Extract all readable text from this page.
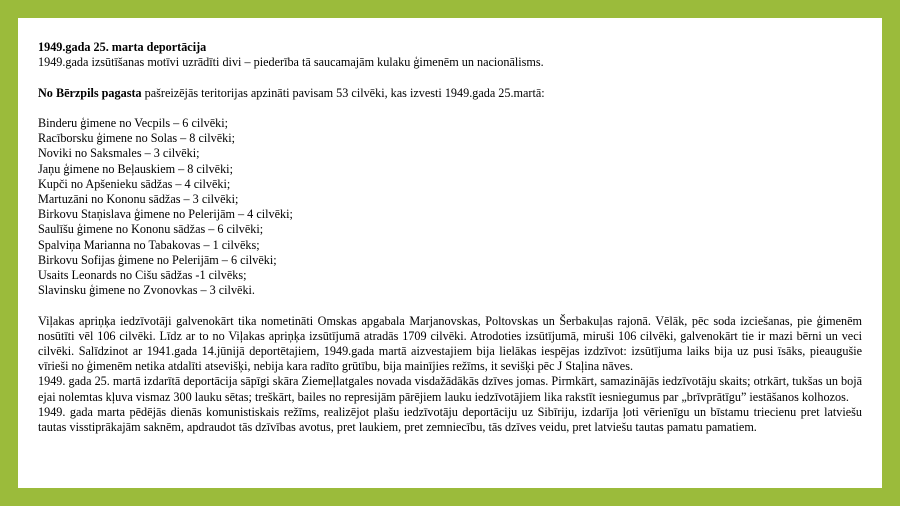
1949.gada 25. marta deportācija
1949.gada izsūtīšanas motīvi uzrādīti divi – piederība tā saucamajām kulaku ģimenēm un nacionālisms.
No Bērzpils pagasta pašreizējās teritorijas apzināti pavisam 53 cilvēki, kas izvesti 1949.gada 25.martā:
Binderu ģimene no Vecpils – 6 cilvēki;
Racīborsku ģimene no Solas – 8 cilvēki;
Noviki no Saksmales – 3 cilvēki;
Jaņu ģimene no Beļauskiem – 8 cilvēki;
Kupči no Apšenieku sādžas – 4 cilvēki;
Martuzāni no Kononu sādžas – 3 cilvēki;
Birkovu Staņislava ģimene no Pelerijām – 4 cilvēki;
Saulīšu ģimene no Kononu sādžas – 6 cilvēki;
Spalviņa Marianna no Tabakovas – 1 cilvēks;
Birkovu Sofijas ģimene no Pelerijām – 6 cilvēki;
Usaits Leonards no Cišu sādžas -1 cilvēks;
Slavinsku ģimene no Zvonovkas – 3 cilvēki.
Viļakas apriņķa iedzīvotāji galvenokārt tika nometināti Omskas apgabala Marjanovskas, Poltovskas un Šerbakuļas rajonā. Vēlāk, pēc soda izciešanas, pie ģimenēm nosūtīti vēl 106 cilvēki. Līdz ar to no Viļakas apriņķa izsūtījumā atradās 1709 cilvēki. Atrodoties izsūtījumā, miruši 106 cilvēki, galvenokārt tie ir mazi bērni un veci cilvēki. Salīdzinot ar 1941.gada 14.jūnijā deportētajiem, 1949.gada martā aizvestajiem bija lielākas iespējas izdzīvot: izsūtījuma laiks bija uz pusi īsāks, pieaugušie vīrieši no ģimenēm netika atdalīti atsevišķi, nebija kara radīto grūtību, bija mainījies režīms, it sevišķi pēc J Staļina nāves.
1949. gada 25. martā izdarītā deportācija sāpīgi skāra Ziemeļlatgales novada visdažādākās dzīves jomas. Pirmkārt, samazinājās iedzīvotāju skaits; otrkārt, tukšas un bojā ejai nolemtas kļuva vismaz 300 lauku sētas; treškārt, bailes no represijām pārējiem lauku iedzīvotājiem lika rakstīt iesniegumus par „brīvprātīgu” iestāšanos kolhozos.
1949. gada marta pēdējās dienās komunistiskais režīms, realizējot plašu iedzīvotāju deportāciju uz Sibīriju, izdarīja ļoti vērienīgu un bīstamu triecienu pret latviešu tautas visstiprākajām saknēm, apdraudot tās dzīvības avotus, pret laukiem, pret zemniecību, tās dzīves veidu, pret latviešu tautas pamatu pamatiem.
